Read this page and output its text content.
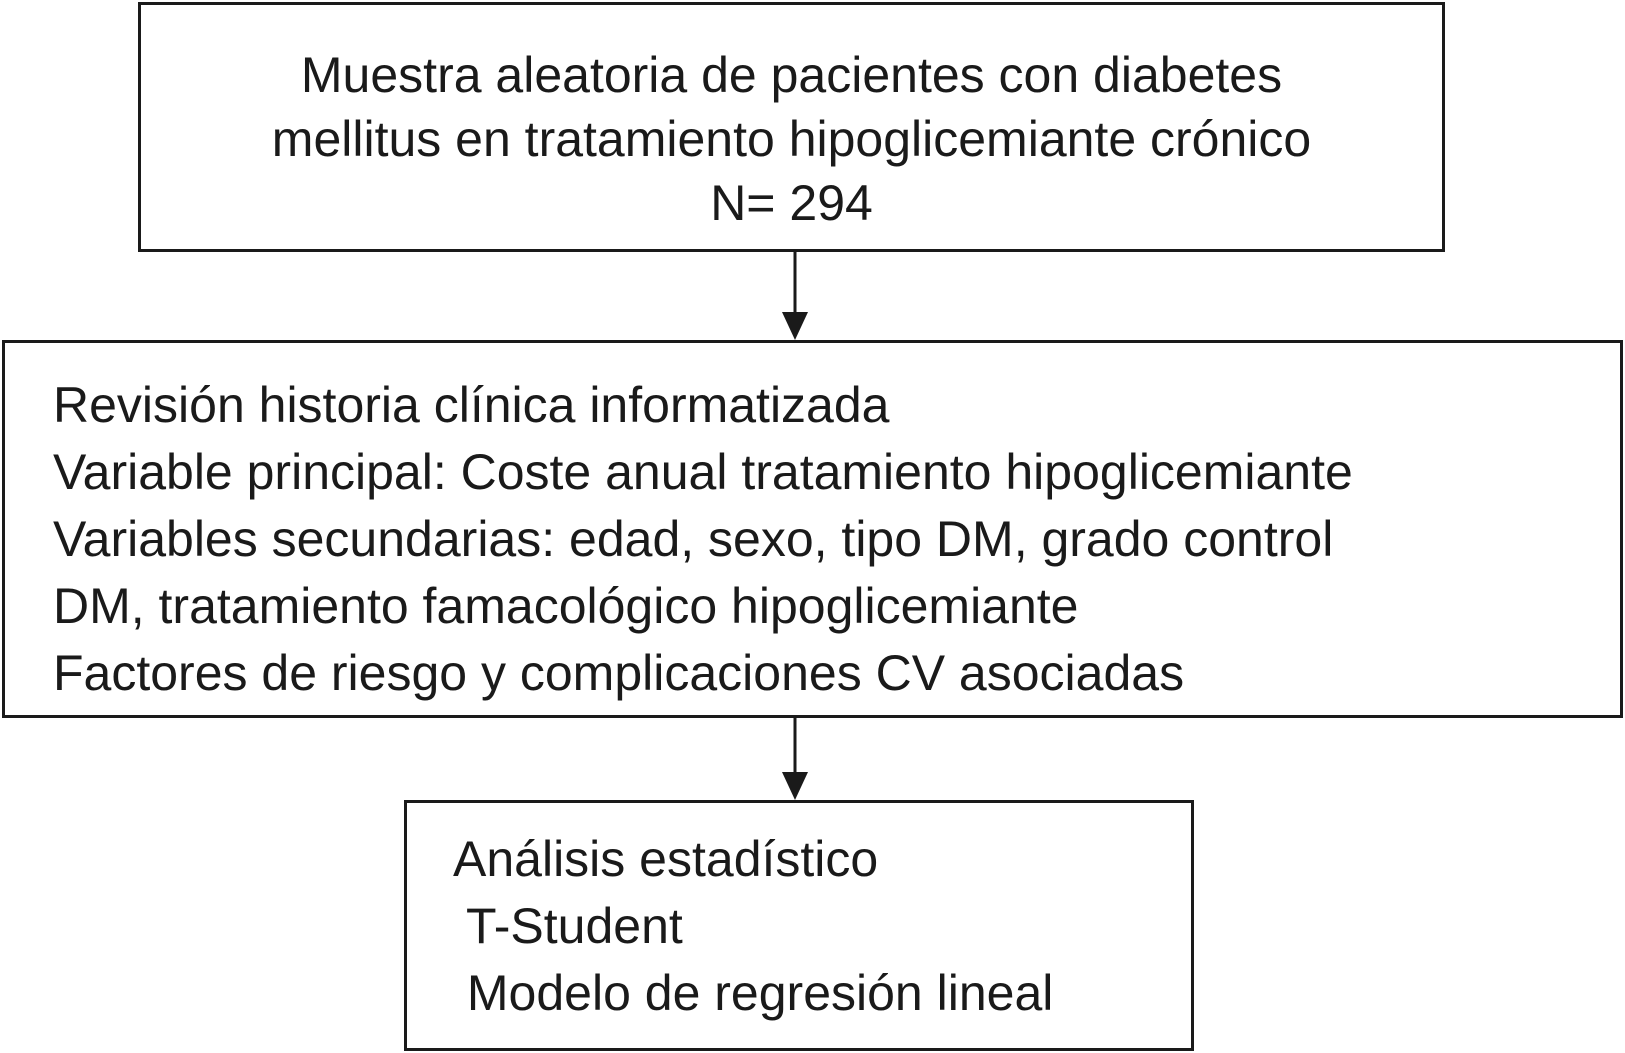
Muestra aleatoria de pacientes con diabetes
mellitus en tratamiento hipoglicemiante crónico
N= 294
Revisión historia clínica informatizada
Variable principal: Coste anual tratamiento hipoglicemiante
Variables secundarias: edad, sexo, tipo DM, grado control
DM, tratamiento famacológico hipoglicemiante
Factores de riesgo y complicaciones CV asociadas
Análisis estadístico
T-Student
Modelo de regresión lineal
